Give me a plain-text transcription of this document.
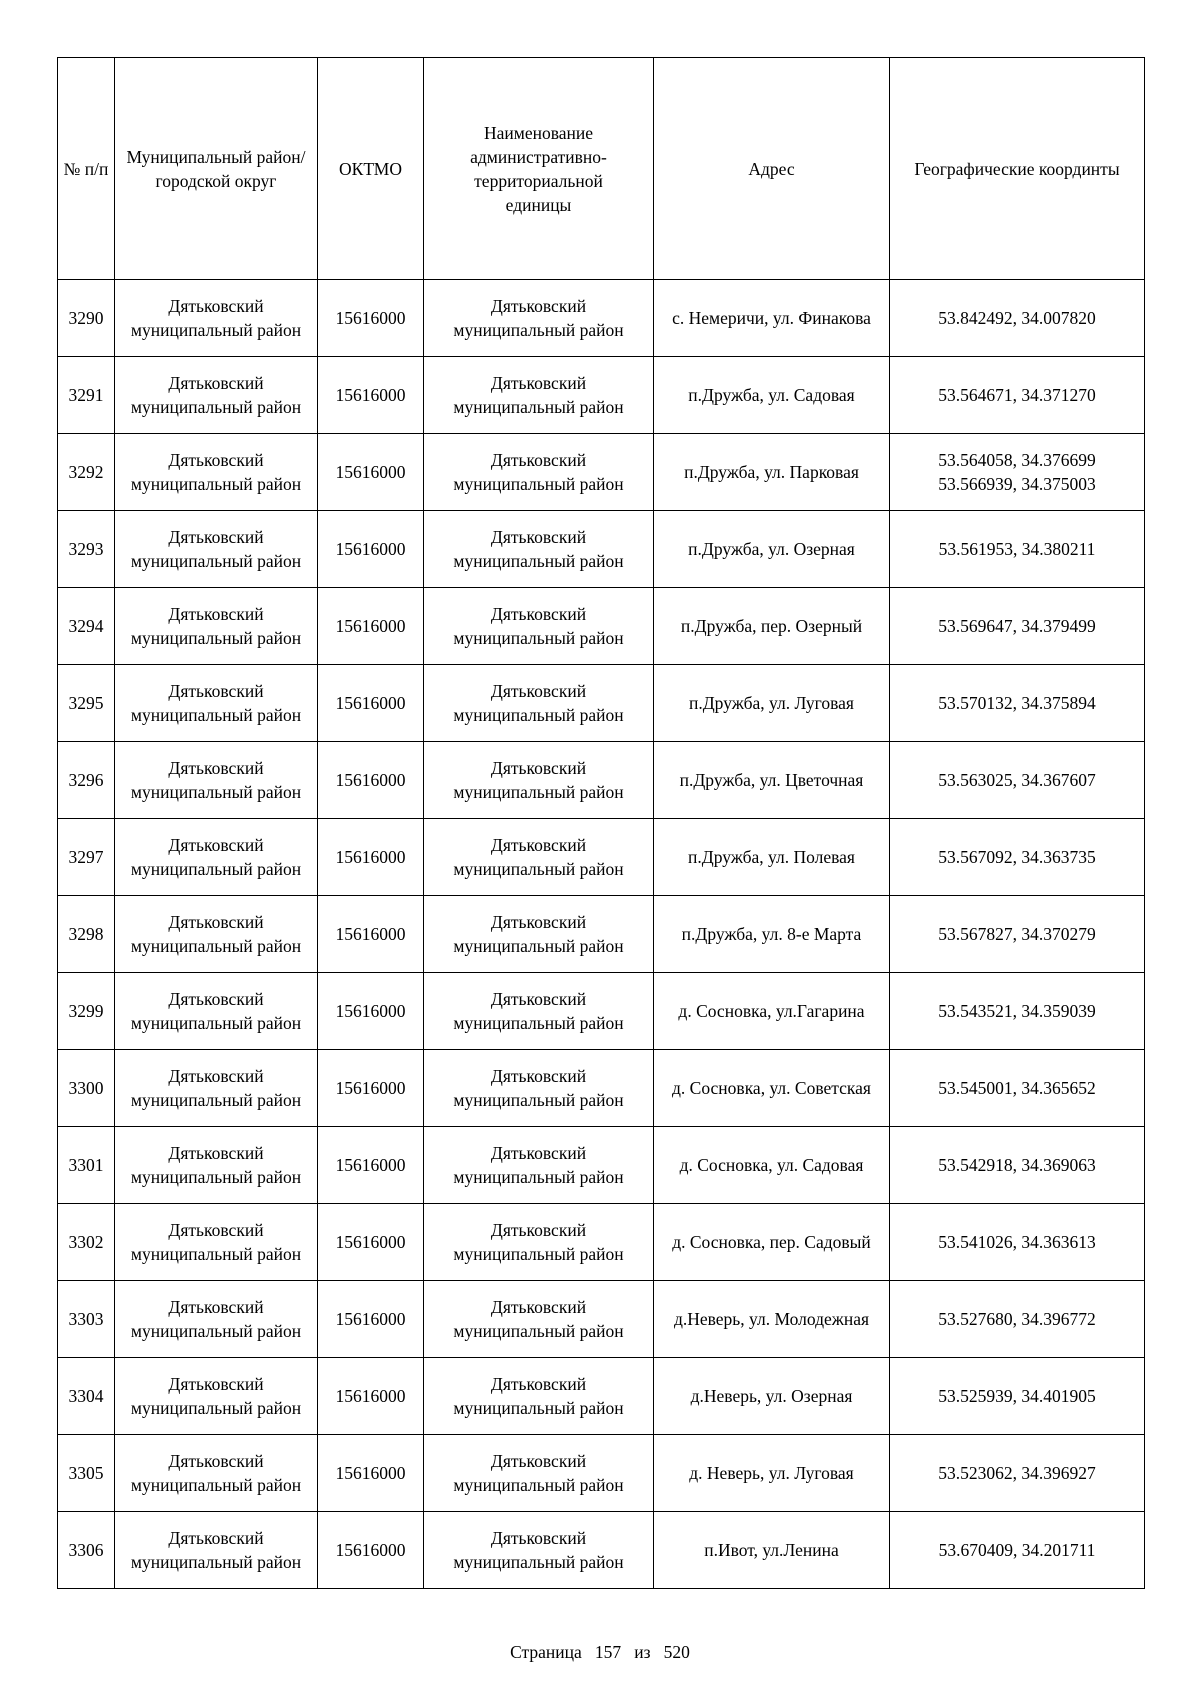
№ п/п	Муниципальный район/городской округ	ОКТМО	Наименование административно-территориальной единицы	Адрес	Географические координты

3290	Дятьковский муниципальный район	15616000	Дятьковский муниципальный район	с. Немеричи, ул. Финакова	53.842492, 34.007820

3291	Дятьковский муниципальный район	15616000	Дятьковский муниципальный район	п.Дружба, ул. Садовая	53.564671, 34.371270

3292	Дятьковский муниципальный район	15616000	Дятьковский муниципальный район	п.Дружба, ул. Парковая	53.564058, 34.376699
53.566939, 34.375003

3293	Дятьковский муниципальный район	15616000	Дятьковский муниципальный район	п.Дружба, ул. Озерная	53.561953, 34.380211

3294	Дятьковский муниципальный район	15616000	Дятьковский муниципальный район	п.Дружба, пер. Озерный	53.569647, 34.379499

3295	Дятьковский муниципальный район	15616000	Дятьковский муниципальный район	п.Дружба, ул. Луговая	53.570132, 34.375894

3296	Дятьковский муниципальный район	15616000	Дятьковский муниципальный район	п.Дружба, ул. Цветочная	53.563025, 34.367607

3297	Дятьковский муниципальный район	15616000	Дятьковский муниципальный район	п.Дружба, ул. Полевая	53.567092, 34.363735

3298	Дятьковский муниципальный район	15616000	Дятьковский муниципальный район	п.Дружба, ул. 8-е Марта	53.567827, 34.370279

3299	Дятьковский муниципальный район	15616000	Дятьковский муниципальный район	д. Сосновка, ул.Гагарина	53.543521, 34.359039

3300	Дятьковский муниципальный район	15616000	Дятьковский муниципальный район	д. Сосновка, ул. Советская	53.545001, 34.365652

3301	Дятьковский муниципальный район	15616000	Дятьковский муниципальный район	д. Сосновка, ул. Садовая	53.542918, 34.369063

3302	Дятьковский муниципальный район	15616000	Дятьковский муниципальный район	д. Сосновка, пер. Садовый	53.541026, 34.363613

3303	Дятьковский муниципальный район	15616000	Дятьковский муниципальный район	д.Неверь, ул. Молодежная	53.527680, 34.396772

3304	Дятьковский муниципальный район	15616000	Дятьковский муниципальный район	д.Неверь, ул. Озерная	53.525939, 34.401905

3305	Дятьковский муниципальный район	15616000	Дятьковский муниципальный район	д. Неверь, ул. Луговая	53.523062, 34.396927

3306	Дятьковский муниципальный район	15616000	Дятьковский муниципальный район	п.Ивот, ул.Ленина	53.670409, 34.201711
Страница 157 из 520
